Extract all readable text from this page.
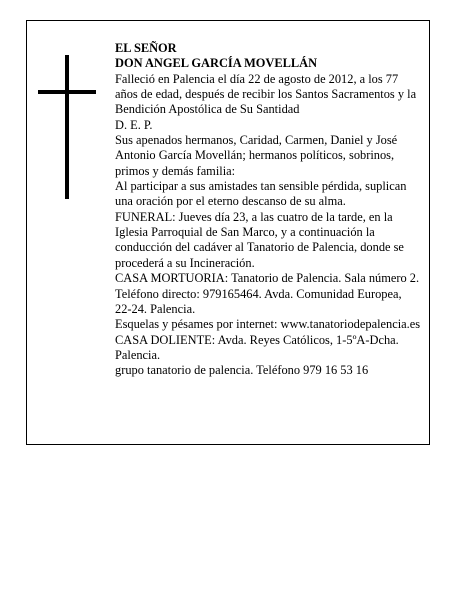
EL SEÑOR

DON ANGEL GARCÍA MOVELLÁN

Falleció en Palencia el día 22 de agosto de 2012, a los 77 años de edad, después de recibir los Santos Sacramentos y la Bendición Apostólica de Su Santidad

D. E. P.

Sus apenados hermanos, Caridad, Carmen, Daniel y José Antonio García Movellán; hermanos políticos, sobrinos, primos y demás familia:

Al participar a sus amistades tan sensible pérdida, suplican una oración por el eterno descanso de su alma.

FUNERAL: Jueves día 23, a las cuatro de la tarde, en la Iglesia Parroquial de San Marco, y a continuación la conducción del cadáver al Tanatorio de Palencia, donde se procederá a su Incineración.

CASA MORTUORIA: Tanatorio de Palencia. Sala número 2. Teléfono directo: 979165464. Avda. Comunidad Europea, 22-24. Palencia.

Esquelas y pésames por internet: www.tanatoriodepalencia.es

CASA DOLIENTE: Avda. Reyes Católicos, 1-5ºA-Dcha. Palencia.

grupo tanatorio de palencia. Teléfono 979 16 53 16
